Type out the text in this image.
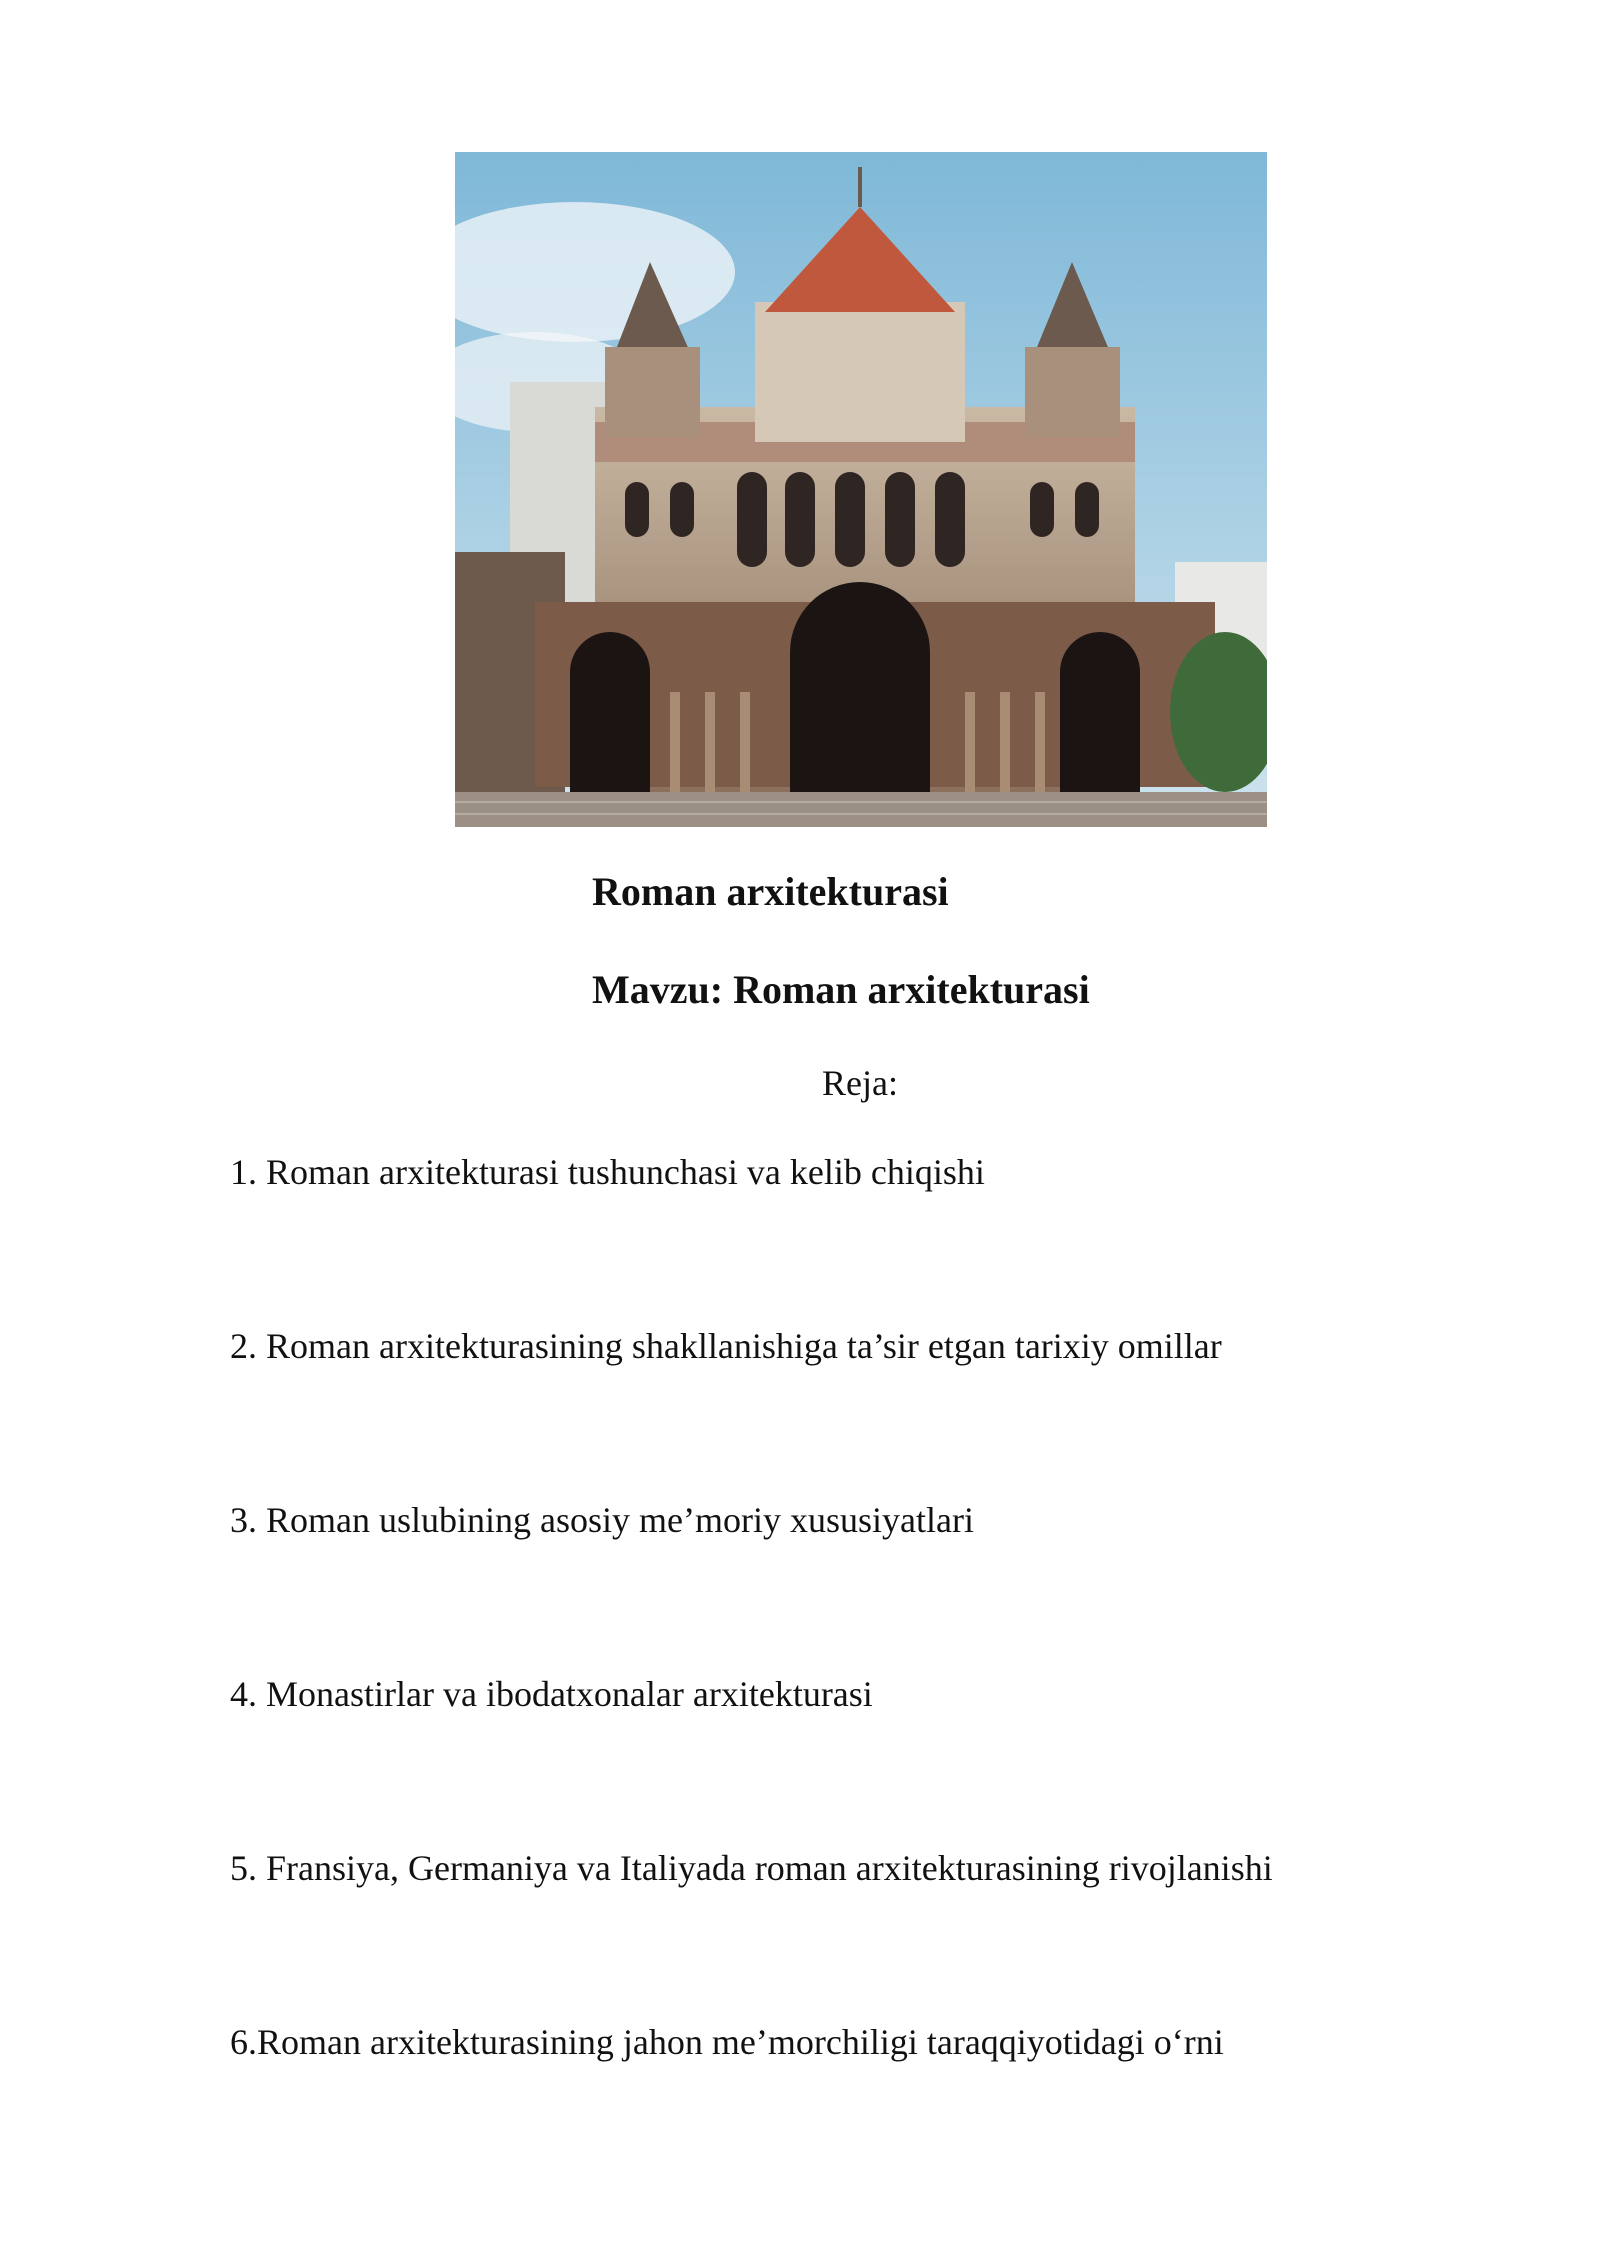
Roman arxitekturasi
Mavzu: Roman arxitekturasi
Reja:
1. Roman arxitekturasi tushunchasi va kelib chiqishi
2. Roman arxitekturasining shakllanishiga ta’sir etgan tarixiy omillar
3. Roman uslubining asosiy me’moriy xususiyatlari
4. Monastirlar va ibodatxonalar arxitekturasi
5. Fransiya, Germaniya va Italiyada roman arxitekturasining rivojlanishi
6.Roman arxitekturasining jahon me’morchiligi taraqqiyotidagi o‘rni
